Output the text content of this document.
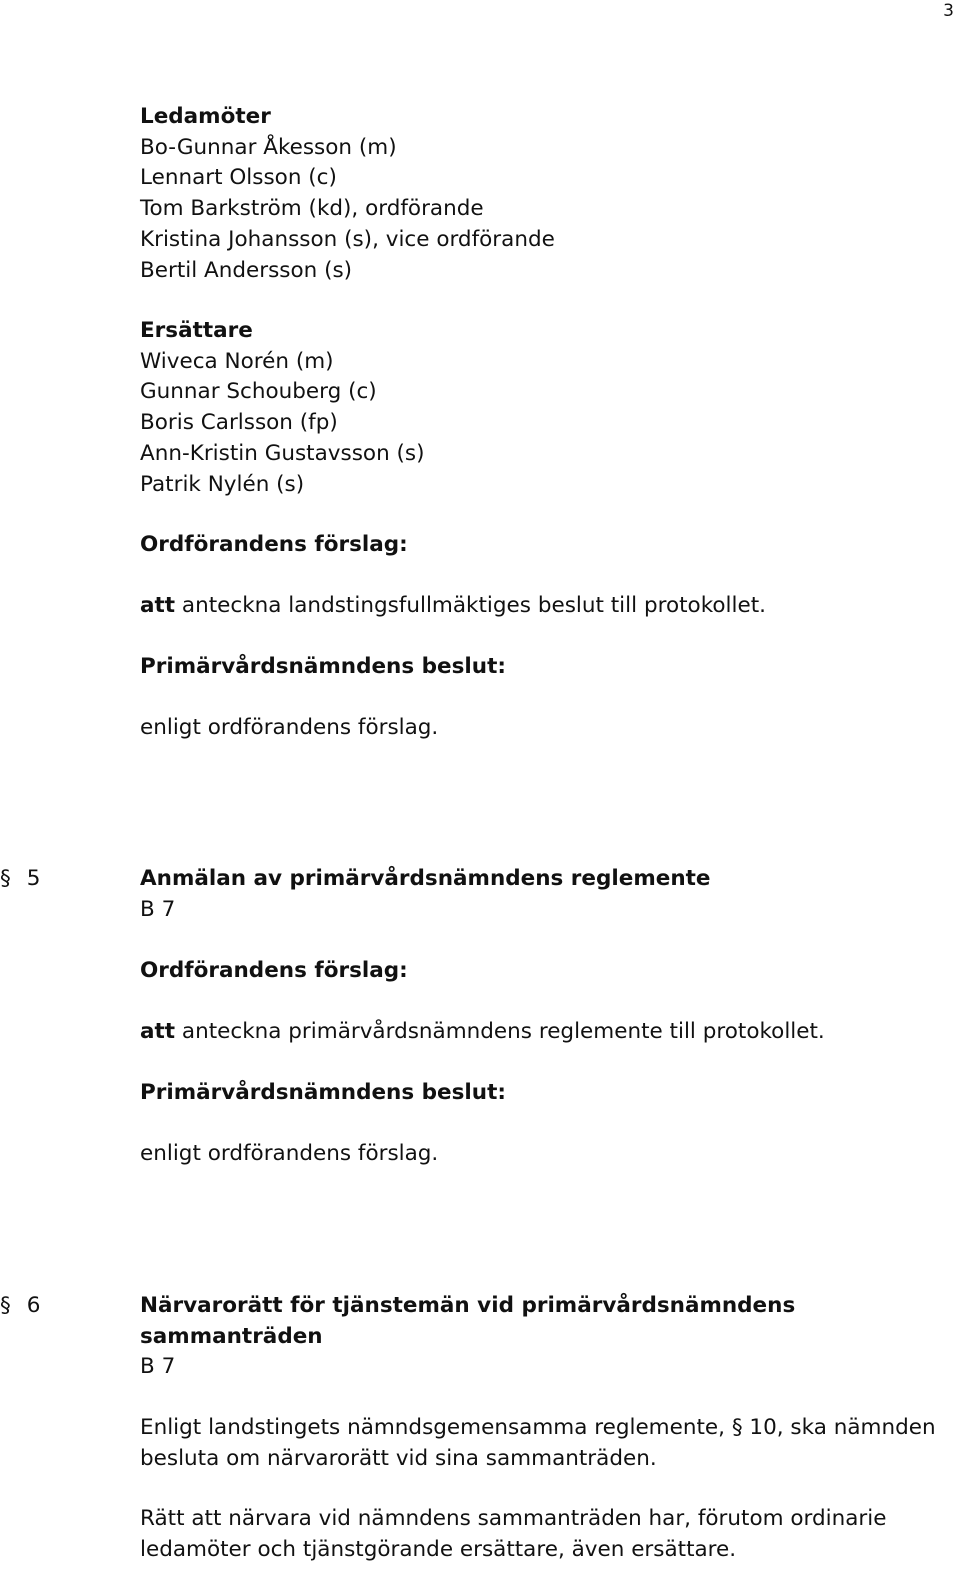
3
Ledamöter
Bo-Gunnar Åkesson (m)
Lennart Olsson (c)
Tom Barkström (kd), ordförande
Kristina Johansson (s), vice ordförande
Bertil Andersson (s)
Ersättare
Wiveca Norén (m)
Gunnar Schouberg (c)
Boris Carlsson (fp)
Ann-Kristin Gustavsson (s)
Patrik Nylén (s)
Ordförandens förslag:
att anteckna landstingsfullmäktiges beslut till protokollet.
Primärvårdsnämndens beslut:
enligt ordförandens förslag.
§ 5	Anmälan av primärvårdsnämndens reglemente
B 7
Ordförandens förslag:
att anteckna primärvårdsnämndens reglemente till protokollet.
Primärvårdsnämndens beslut:
enligt ordförandens förslag.
§ 6	Närvarorätt för tjänstemän vid primärvårdsnämndens
sammanträden
B 7
Enligt landstingets nämndsgemensamma reglemente, § 10, ska nämnden
besluta om närvarorätt vid sina sammanträden.
Rätt att närvara vid nämndens sammanträden har, förutom ordinarie
ledamöter och tjänstgörande ersättare, även ersättare.
